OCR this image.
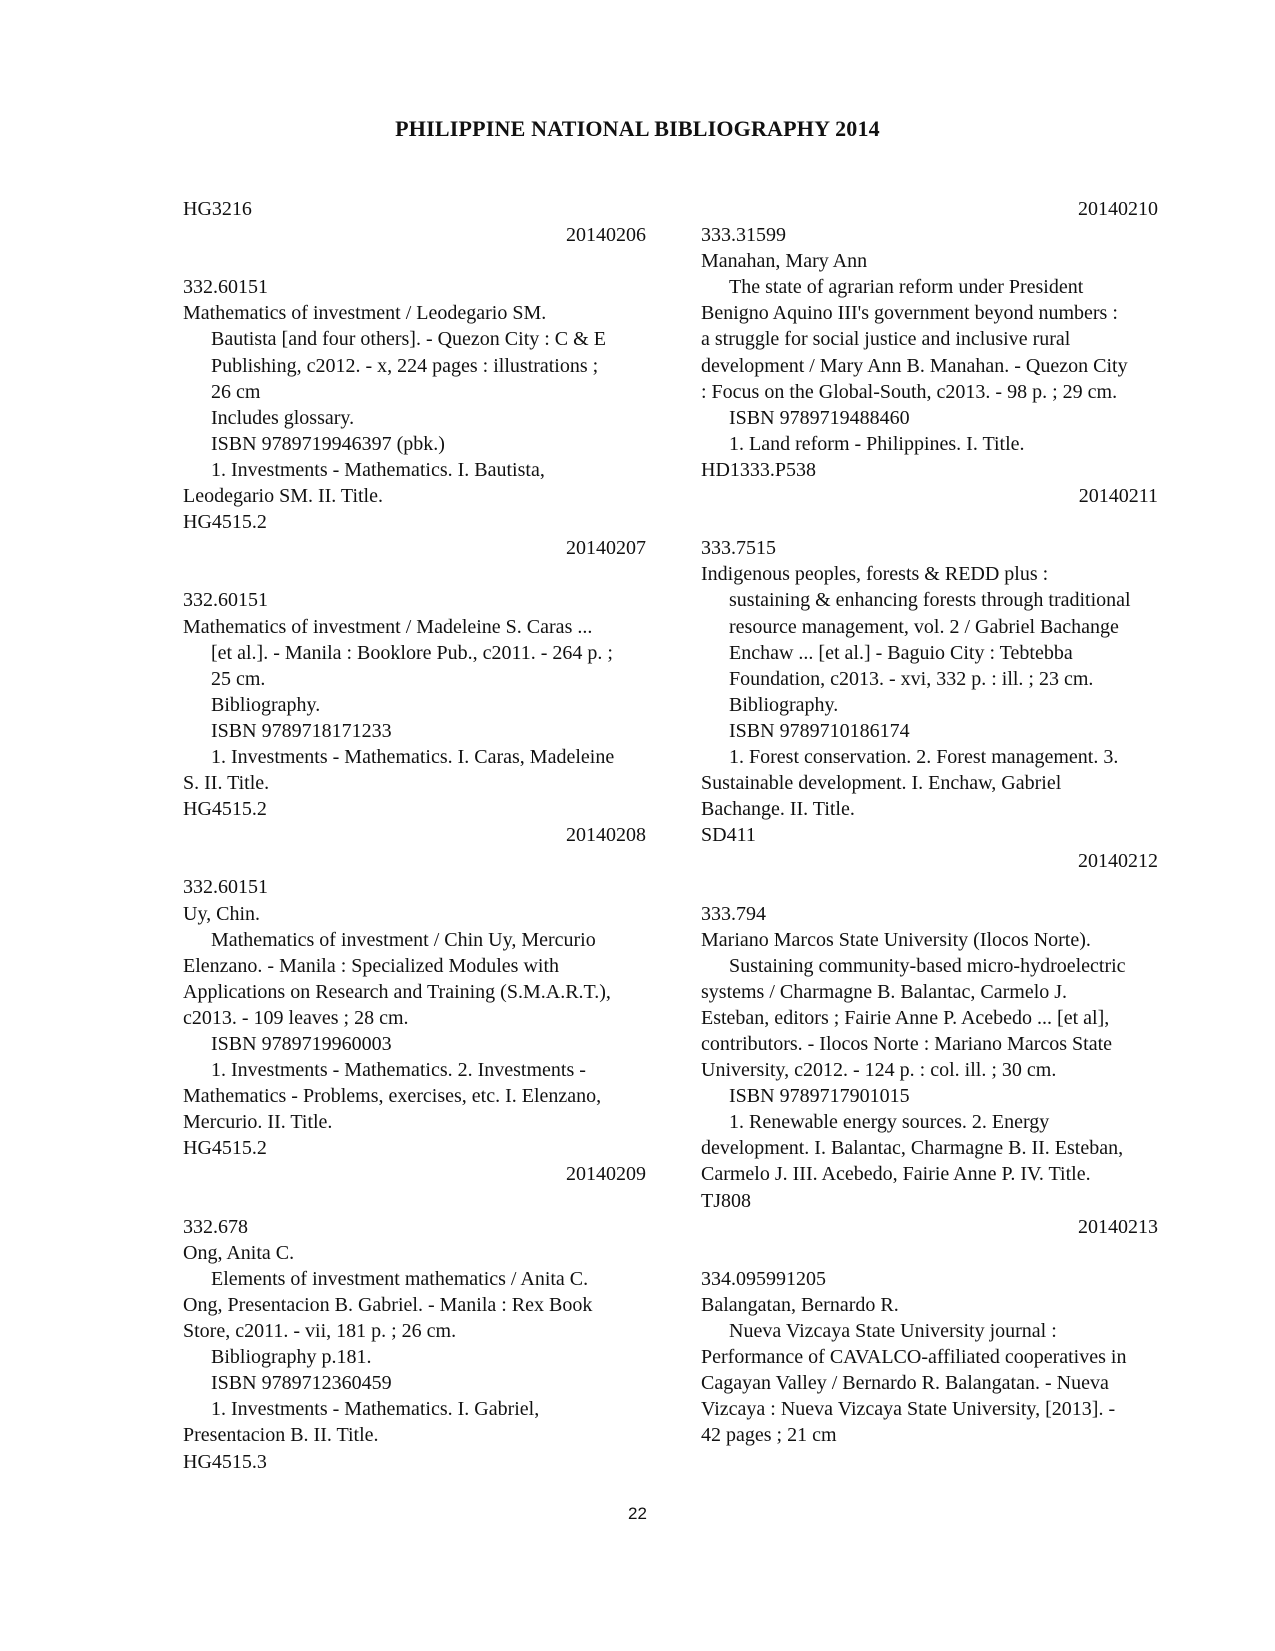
PHILIPPINE NATIONAL BIBLIOGRAPHY 2014
HG3216
20140206
332.60151
Mathematics of investment / Leodegario SM.
Bautista [and four others]. - Quezon City : C & E
Publishing, c2012. - x, 224 pages : illustrations ;
26 cm
Includes glossary.
ISBN 9789719946397 (pbk.)
1. Investments - Mathematics. I. Bautista,
Leodegario SM. II. Title.
HG4515.2
20140207
332.60151
Mathematics of investment / Madeleine S. Caras ...
[et al.]. - Manila : Booklore Pub., c2011. - 264 p. ;
25 cm.
Bibliography.
ISBN 9789718171233
1. Investments - Mathematics. I. Caras, Madeleine
S. II. Title.
HG4515.2
20140208
332.60151
Uy, Chin.
Mathematics of investment / Chin Uy, Mercurio
Elenzano. - Manila : Specialized Modules with
Applications on Research and Training (S.M.A.R.T.),
c2013. - 109 leaves ; 28 cm.
ISBN 9789719960003
1. Investments - Mathematics. 2. Investments -
Mathematics - Problems, exercises, etc. I. Elenzano,
Mercurio. II. Title.
HG4515.2
20140209
332.678
Ong, Anita C.
Elements of investment mathematics / Anita C.
Ong, Presentacion B. Gabriel. - Manila : Rex Book
Store, c2011. - vii, 181 p. ; 26 cm.
Bibliography p.181.
ISBN 9789712360459
1. Investments - Mathematics. I. Gabriel,
Presentacion B. II. Title.
HG4515.3
20140210
333.31599
Manahan, Mary Ann
The state of agrarian reform under President
Benigno Aquino III's government beyond numbers :
a struggle for social justice and inclusive rural
development / Mary Ann B. Manahan. - Quezon City
: Focus on the Global-South, c2013. - 98 p. ; 29 cm.
ISBN 9789719488460
1. Land reform - Philippines. I. Title.
HD1333.P538
20140211
333.7515
Indigenous peoples, forests & REDD plus :
sustaining & enhancing forests through traditional
resource management, vol. 2 / Gabriel Bachange
Enchaw ... [et al.] - Baguio City : Tebtebba
Foundation, c2013. - xvi, 332 p. : ill. ; 23 cm.
Bibliography.
ISBN 9789710186174
1. Forest conservation. 2. Forest management. 3.
Sustainable development. I. Enchaw, Gabriel
Bachange. II. Title.
SD411
20140212
333.794
Mariano Marcos State University (Ilocos Norte).
Sustaining community-based micro-hydroelectric
systems / Charmagne B. Balantac, Carmelo J.
Esteban, editors ; Fairie Anne P. Acebedo ... [et al],
contributors. - Ilocos Norte : Mariano Marcos State
University, c2012. - 124 p. : col. ill. ; 30 cm.
ISBN 9789717901015
1. Renewable energy sources. 2. Energy
development. I. Balantac, Charmagne B. II. Esteban,
Carmelo J. III. Acebedo, Fairie Anne P. IV. Title.
TJ808
20140213
334.095991205
Balangatan, Bernardo R.
Nueva Vizcaya State University journal :
Performance of CAVALCO-affiliated cooperatives in
Cagayan Valley / Bernardo R. Balangatan. - Nueva
Vizcaya : Nueva Vizcaya State University, [2013]. -
42 pages ; 21 cm
22
